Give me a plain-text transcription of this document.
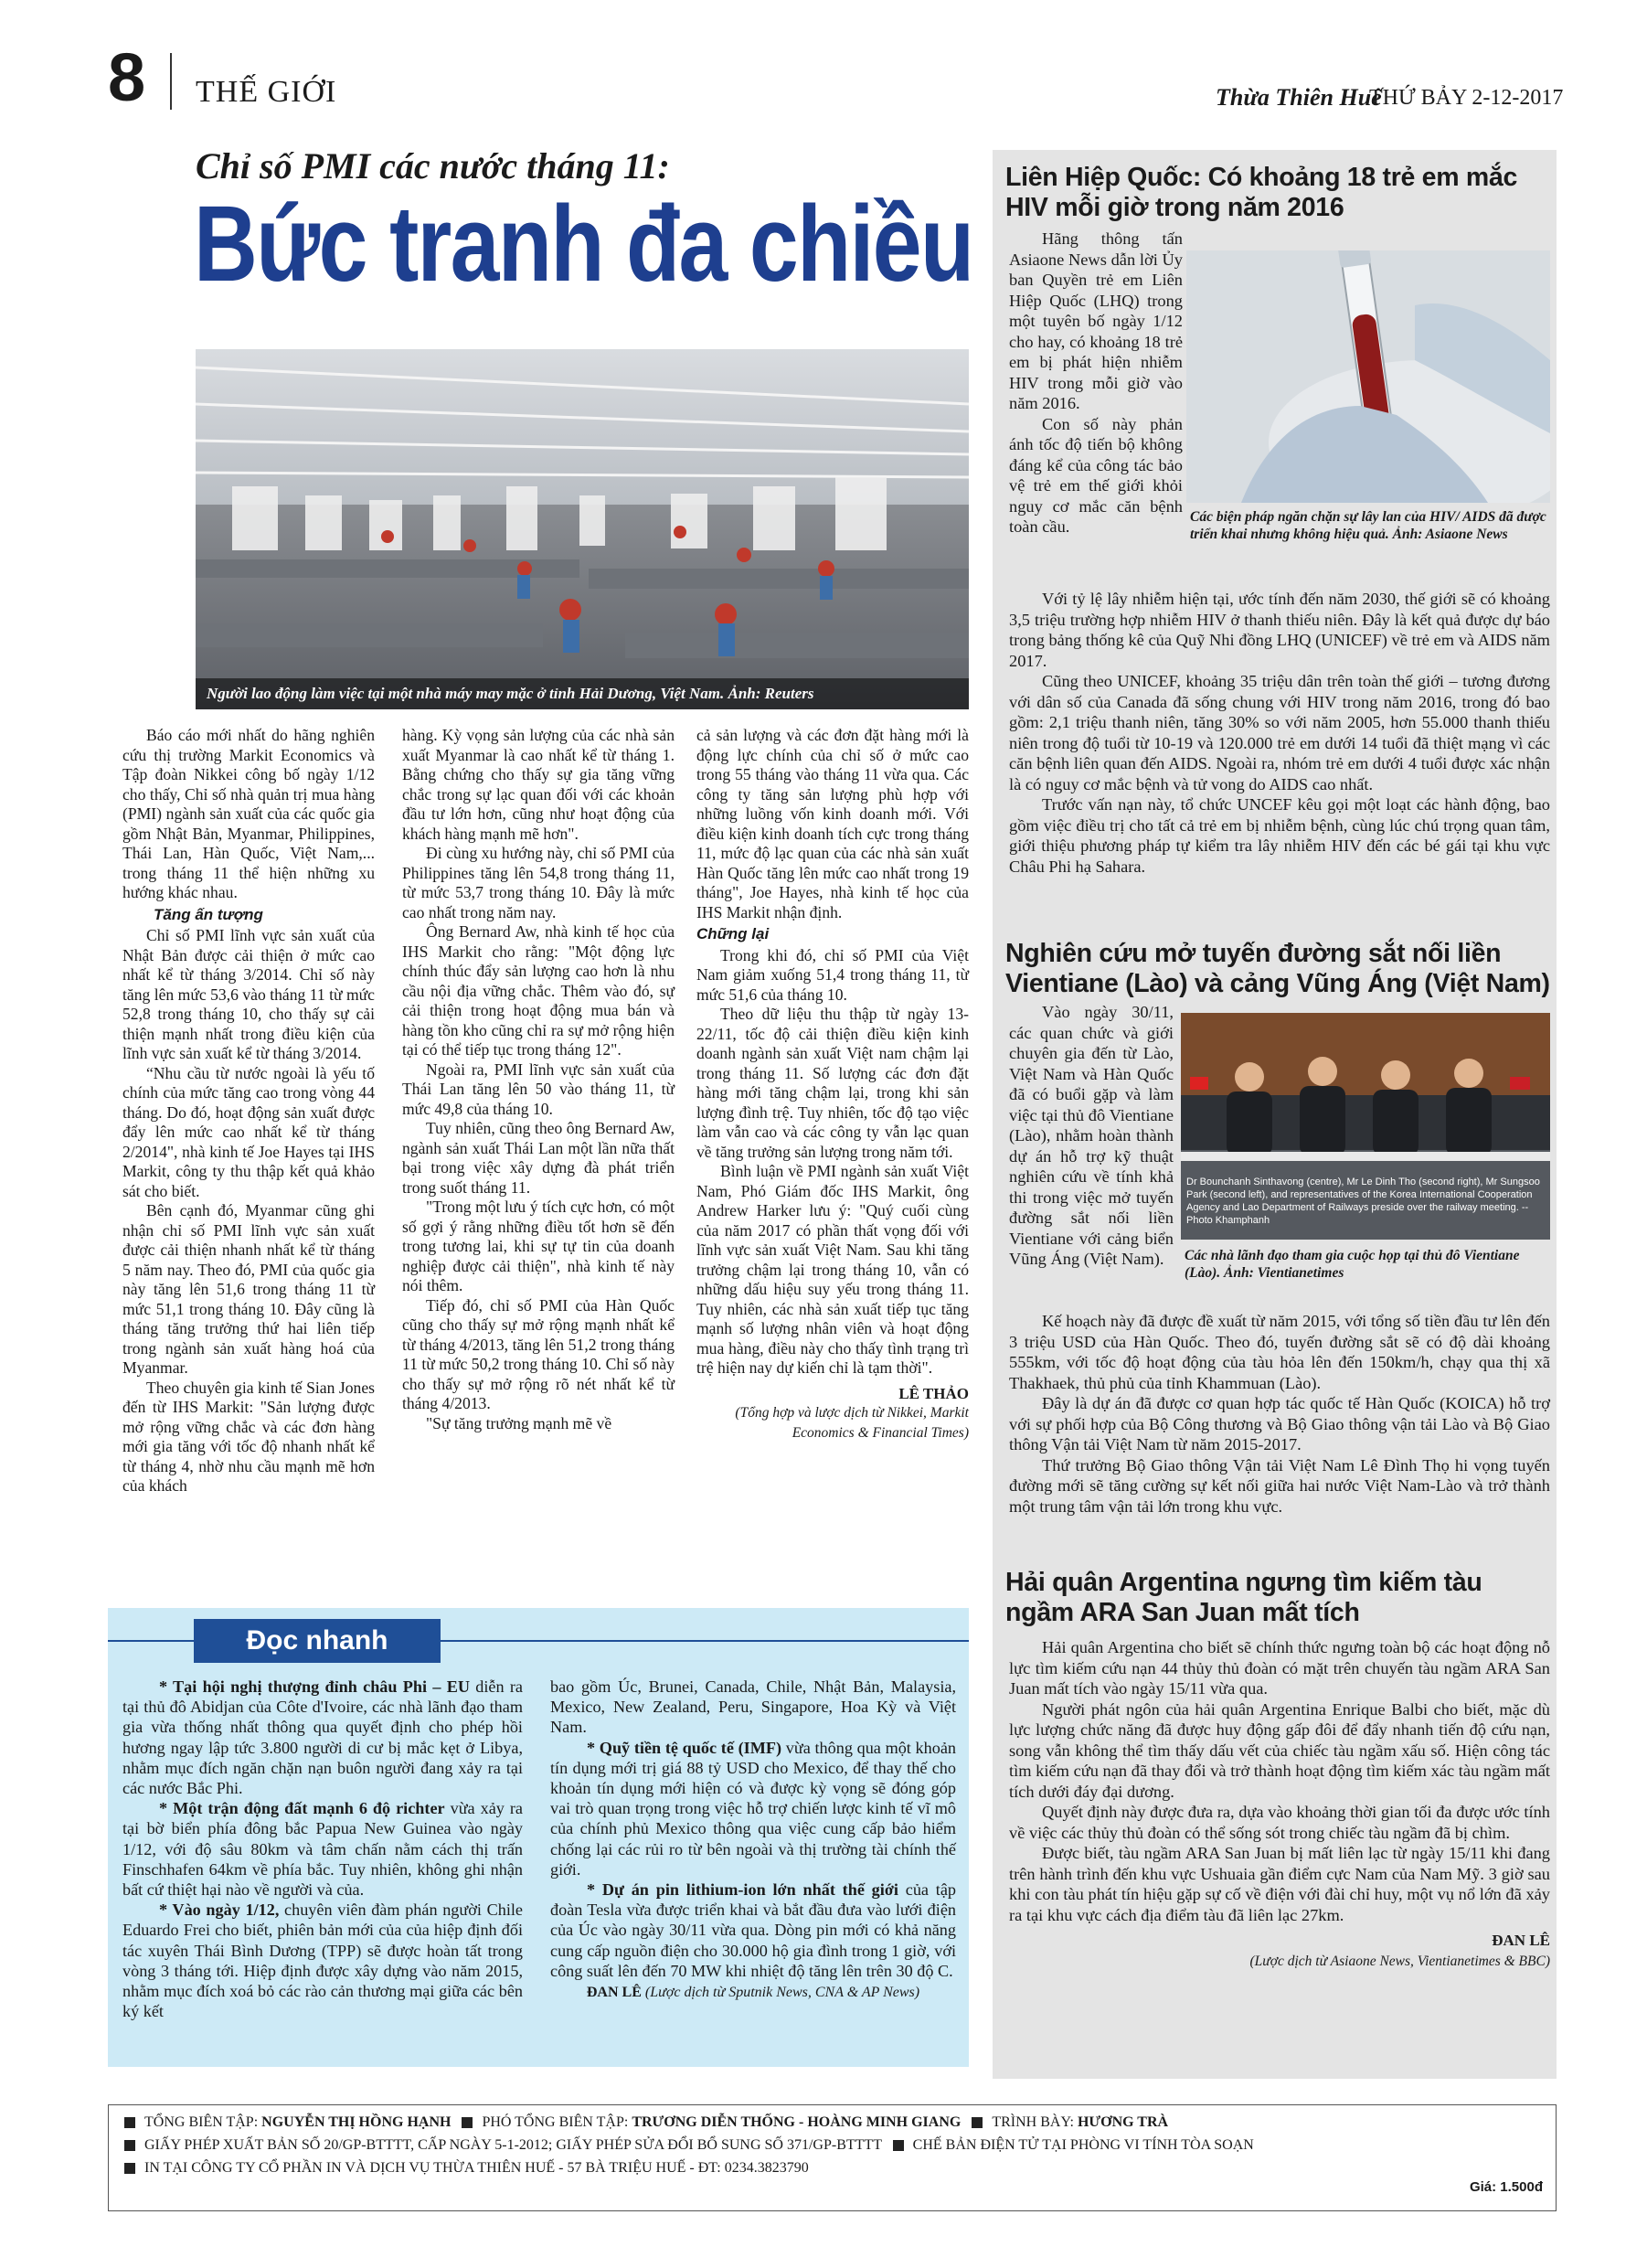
8 THẾ GIỚI	Thừa Thiên Huế
THỨ BẢY 2-12-2017
Chỉ số PMI các nước tháng 11:
Bức tranh đa chiều
Người lao động làm việc tại một nhà máy may mặc ở tỉnh Hải Dương, Việt Nam. Ảnh: Reuters

Báo cáo mới nhất do hãng nghiên cứu thị trường Markit Economics và Tập đoàn Nikkei công bố ngày 1/12 cho thấy, Chỉ số nhà quản trị mua hàng (PMI) ngành sản xuất của các quốc gia gồm Nhật Bản, Myanmar, Philippines, Thái Lan, Hàn Quốc, Việt Nam,... trong tháng 11 thể hiện những xu hướng khác nhau.

Tăng ấn tượng

Chỉ số PMI lĩnh vực sản xuất của Nhật Bản được cải thiện ở mức cao nhất kể từ tháng 3/2014. Chỉ số này tăng lên mức 53,6 vào tháng 11 từ mức 52,8 trong tháng 10, cho thấy sự cải thiện mạnh nhất trong điều kiện của lĩnh vực sản xuất kể từ tháng 3/2014.

“Nhu cầu từ nước ngoài là yếu tố chính của mức tăng cao trong vòng 44 tháng. Do đó, hoạt động sản xuất được đẩy lên mức cao nhất kể từ tháng 2/2014", nhà kinh tế Joe Hayes tại IHS Markit, công ty thu thập kết quả khảo sát cho biết.

Bên cạnh đó, Myanmar cũng ghi nhận chỉ số PMI lĩnh vực sản xuất được cải thiện nhanh nhất kể từ tháng 5 năm nay. Theo đó, PMI của quốc gia này tăng lên 51,6 trong tháng 11 từ mức 51,1 trong tháng 10. Đây cũng là tháng tăng trưởng thứ hai liên tiếp trong ngành sản xuất hàng hoá của Myanmar.

Theo chuyên gia kinh tế Sian Jones đến từ IHS Markit: "Sản lượng được mở rộng vững chắc và các đơn hàng mới gia tăng với tốc độ nhanh nhất kể từ tháng 4, nhờ nhu cầu mạnh mẽ hơn của khách

hàng. Kỳ vọng sản lượng của các nhà sản xuất Myanmar là cao nhất kể từ tháng 1. Bằng chứng cho thấy sự gia tăng vững chắc trong sự lạc quan đối với các khoản đầu tư lớn hơn, cũng như hoạt động của khách hàng mạnh mẽ hơn".

Đi cùng xu hướng này, chỉ số PMI của Philippines tăng lên 54,8 trong tháng 11, từ mức 53,7 trong tháng 10. Đây là mức cao nhất trong năm nay.

Ông Bernard Aw, nhà kinh tế học của IHS Markit cho rằng: "Một động lực chính thúc đẩy sản lượng cao hơn là nhu cầu nội địa vững chắc. Thêm vào đó, sự cải thiện trong hoạt động mua bán và hàng tồn kho cũng chỉ ra sự mở rộng hiện tại có thể tiếp tục trong tháng 12".

Ngoài ra, PMI lĩnh vực sản xuất của Thái Lan tăng lên 50 vào tháng 11, từ mức 49,8 của tháng 10.

Tuy nhiên, cũng theo ông Bernard Aw, ngành sản xuất Thái Lan một lần nữa thất bại trong việc xây dựng đà phát triển trong suốt tháng 11.

"Trong một lưu ý tích cực hơn, có một số gợi ý rằng những điều tốt hơn sẽ đến trong tương lai, khi sự tự tin của doanh nghiệp được cải thiện", nhà kinh tế này nói thêm.

Tiếp đó, chỉ số PMI của Hàn Quốc cũng cho thấy sự mở rộng mạnh nhất kể từ tháng 4/2013, tăng lên 51,2 trong tháng 11 từ mức 50,2 trong tháng 10. Chỉ số này cho thấy sự mở rộng rõ nét nhất kể từ tháng 4/2013.

"Sự tăng trưởng mạnh mẽ về

cả sản lượng và các đơn đặt hàng mới là động lực chính của chỉ số ở mức cao trong 55 tháng vào tháng 11 vừa qua. Các công ty tăng sản lượng phù hợp với những luồng vốn kinh doanh mới. Với điều kiện kinh doanh tích cực trong tháng 11, mức độ lạc quan của các nhà sản xuất Hàn Quốc tăng lên mức cao nhất trong 19 tháng", Joe Hayes, nhà kinh tế học của IHS Markit nhận định.

Chững lại

Trong khi đó, chỉ số PMI của Việt Nam giảm xuống 51,4 trong tháng 11, từ mức 51,6 của tháng 10.

Theo dữ liệu thu thập từ ngày 13-22/11, tốc độ cải thiện điều kiện kinh doanh ngành sản xuất Việt nam chậm lại trong tháng 11. Số lượng các đơn đặt hàng mới tăng chậm lại, trong khi sản lượng đình trệ. Tuy nhiên, tốc độ tạo việc làm vẫn cao và các công ty vẫn lạc quan về tăng trưởng sản lượng trong năm tới.

Bình luận về PMI ngành sản xuất Việt Nam, Phó Giám đốc IHS Markit, ông Andrew Harker lưu ý: "Quý cuối cùng của năm 2017 có phần thất vọng đối với lĩnh vực sản xuất Việt Nam. Sau khi tăng trưởng chậm lại trong tháng 10, vẫn có những dấu hiệu suy yếu trong tháng 11. Tuy nhiên, các nhà sản xuất tiếp tục tăng mạnh số lượng nhân viên và hoạt động mua hàng, điều này cho thấy tình trạng trì trệ hiện nay dự kiến chỉ là tạm thời".

LÊ THẢO
(Tổng hợp và lược dịch từ Nikkei, Markit Economics & Financial Times)
Liên Hiệp Quốc: Có khoảng 18 trẻ em mắc HIV mỗi giờ trong năm 2016

Hãng thông tấn Asiaone News dẫn lời Ủy ban Quyền trẻ em Liên Hiệp Quốc (LHQ) trong một tuyên bố ngày 1/12 cho hay, có khoảng 18 trẻ em bị phát hiện nhiễm HIV trong mỗi giờ vào năm 2016.

Con số này phản ánh tốc độ tiến bộ không đáng kể của công tác bảo vệ trẻ em thế giới khỏi nguy cơ mắc căn bệnh toàn cầu.

Các biện pháp ngăn chặn sự lây lan của HIV/ AIDS đã được triển khai nhưng không hiệu quả. Ảnh: Asiaone News

Với tỷ lệ lây nhiễm hiện tại, ước tính đến năm 2030, thế giới sẽ có khoảng 3,5 triệu trường hợp nhiễm HIV ở thanh thiếu niên. Đây là kết quả được dự báo trong bảng thống kê của Quỹ Nhi đồng LHQ (UNICEF) về trẻ em và AIDS năm 2017.

Cũng theo UNICEF, khoảng 35 triệu dân trên toàn thế giới – tương đương với dân số của Canada đã sống chung với HIV trong năm 2016, trong đó bao gồm: 2,1 triệu thanh niên, tăng 30% so với năm 2005, hơn 55.000 thanh thiếu niên trong độ tuổi từ 10-19 và 120.000 trẻ em dưới 14 tuổi đã thiệt mạng vì các căn bệnh liên quan đến AIDS. Ngoài ra, nhóm trẻ em dưới 4 tuổi được xác nhận là có nguy cơ mắc bệnh và tử vong do AIDS cao nhất.

Trước vấn nạn này, tổ chức UNCEF kêu gọi một loạt các hành động, bao gồm việc điều trị cho tất cả trẻ em bị nhiễm bệnh, cùng lúc chú trọng quan tâm, giới thiệu phương pháp tự kiểm tra lây nhiễm HIV đến các bé gái tại khu vực Châu Phi hạ Sahara.

Nghiên cứu mở tuyến đường sắt nối liền Vientiane (Lào) và cảng Vũng Áng (Việt Nam)

Vào ngày 30/11, các quan chức và giới chuyên gia đến từ Lào, Việt Nam và Hàn Quốc đã có buổi gặp và làm việc tại thủ đô Vientiane (Lào), nhằm hoàn thành dự án hỗ trợ kỹ thuật nghiên cứu về tính khả thi trong việc mở tuyến đường sắt nối liền Vientiane với cảng biển Vũng Áng (Việt Nam).

Dr Bounchanh Sinthavong (centre), Mr Le Dinh Tho (second right), Mr Sungsoo Park (second left), and representatives of the Korea International Cooperation Agency and Lao Department of Railways preside over the railway meeting. --Photo Khamphanh
Các nhà lãnh đạo tham gia cuộc họp tại thủ đô Vientiane (Lào). Ảnh: Vientianetimes

Kế hoạch này đã được đề xuất từ năm 2015, với tổng số tiền đầu tư lên đến 3 triệu USD của Hàn Quốc. Theo đó, tuyến đường sắt sẽ có độ dài khoảng 555km, với tốc độ hoạt động của tàu hỏa lên đến 150km/h, chạy qua thị xã Thakhaek, thủ phủ của tỉnh Khammuan (Lào).

Đây là dự án đã được cơ quan hợp tác quốc tế Hàn Quốc (KOICA) hỗ trợ với sự phối hợp của Bộ Công thương và Bộ Giao thông vận tải Lào và Bộ Giao thông Vận tải Việt Nam từ năm 2015-2017.

Thứ trưởng Bộ Giao thông Vận tải Việt Nam Lê Đình Thọ hi vọng tuyến đường mới sẽ tăng cường sự kết nối giữa hai nước Việt Nam-Lào và trở thành một trung tâm vận tải lớn trong khu vực.

Hải quân Argentina ngưng tìm kiếm tàu ngầm ARA San Juan mất tích

Hải quân Argentina cho biết sẽ chính thức ngưng toàn bộ các hoạt động nỗ lực tìm kiếm cứu nạn 44 thủy thủ đoàn có mặt trên chuyến tàu ngầm ARA San Juan mất tích vào ngày 15/11 vừa qua.

Người phát ngôn của hải quân Argentina Enrique Balbi cho biết, mặc dù lực lượng chức năng đã được huy động gấp đôi để đẩy nhanh tiến độ cứu nạn, song vẫn không thể tìm thấy dấu vết của chiếc tàu ngầm xấu số. Hiện công tác tìm kiếm cứu nạn đã thay đổi và trở thành hoạt động tìm kiếm xác tàu ngầm mất tích dưới đáy đại dương.

Quyết định này được đưa ra, dựa vào khoảng thời gian tối đa được ước tính về việc các thủy thủ đoàn có thể sống sót trong chiếc tàu ngầm đã bị chìm.

Được biết, tàu ngầm ARA San Juan bị mất liên lạc từ ngày 15/11 khi đang trên hành trình đến khu vực Ushuaia gần điểm cực Nam của Nam Mỹ. 3 giờ sau khi con tàu phát tín hiệu gặp sự cố về điện với đài chỉ huy, một vụ nổ lớn đã xảy ra tại khu vực cách địa điểm tàu đã liên lạc 27km.

ĐAN LÊ
(Lược dịch từ Asiaone News, Vientianetimes & BBC)
Đọc nhanh

* Tại hội nghị thượng đỉnh châu Phi – EU diễn ra tại thủ đô Abidjan của Côte d'Ivoire, các nhà lãnh đạo tham gia vừa thống nhất thông qua quyết định cho phép hồi hương ngay lập tức 3.800 người di cư bị mắc kẹt ở Libya, nhằm mục đích ngăn chặn nạn buôn người đang xảy ra tại các nước Bắc Phi.

* Một trận động đất mạnh 6 độ richter vừa xảy ra tại bờ biển phía đông bắc Papua New Guinea vào ngày 1/12, với độ sâu 80km và tâm chấn nằm cách thị trấn Finschhafen 64km về phía bắc. Tuy nhiên, không ghi nhận bất cứ thiệt hại nào về người và của.

* Vào ngày 1/12, chuyên viên đàm phán người Chile Eduardo Frei cho biết, phiên bản mới của của hiệp định đối tác xuyên Thái Bình Dương (TPP) sẽ được hoàn tất trong vòng 3 tháng tới. Hiệp định được xây dựng vào năm 2015, nhằm mục đích xoá bỏ các rào cản thương mại giữa các bên ký kết

bao gồm Úc, Brunei, Canada, Chile, Nhật Bản, Malaysia, Mexico, New Zealand, Peru, Singapore, Hoa Kỳ và Việt Nam.

* Quỹ tiền tệ quốc tế (IMF) vừa thông qua một khoản tín dụng mới trị giá 88 tỷ USD cho Mexico, để thay thế cho khoản tín dụng mới hiện có và được kỳ vọng sẽ đóng góp vai trò quan trọng trong việc hỗ trợ chiến lược kinh tế vĩ mô của chính phủ Mexico thông qua việc cung cấp bảo hiểm chống lại các rủi ro từ bên ngoài và thị trường tài chính thế giới.

* Dự án pin lithium-ion lớn nhất thế giới của tập đoàn Tesla vừa được triển khai và bắt đầu đưa vào lưới điện của Úc vào ngày 30/11 vừa qua. Dòng pin mới có khả năng cung cấp nguồn điện cho 30.000 hộ gia đình trong 1 giờ, với công suất lên đến 70 MW khi nhiệt độ tăng lên trên 30 độ C.

ĐAN LÊ (Lược dịch từ Sputnik News, CNA & AP News)
TỔNG BIÊN TẬP: NGUYỄN THỊ HỒNG HẠNH PHÓ TỔNG BIÊN TẬP: TRƯƠNG DIỄN THỐNG - HOÀNG MINH GIANG TRÌNH BÀY: HƯƠNG TRÀ
GIẤY PHÉP XUẤT BẢN SỐ 20/GP-BTTTT, CẤP NGÀY 5-1-2012; GIẤY PHÉP SỬA ĐỔI BỔ SUNG SỐ 371/GP-BTTTT CHẾ BẢN ĐIỆN TỬ TẠI PHÒNG VI TÍNH TÒA SOẠN
IN TẠI CÔNG TY CỔ PHẦN IN VÀ DỊCH VỤ THỪA THIÊN HUẾ - 57 BÀ TRIỆU HUẾ - ĐT: 0234.3823790
Giá: 1.500đ
